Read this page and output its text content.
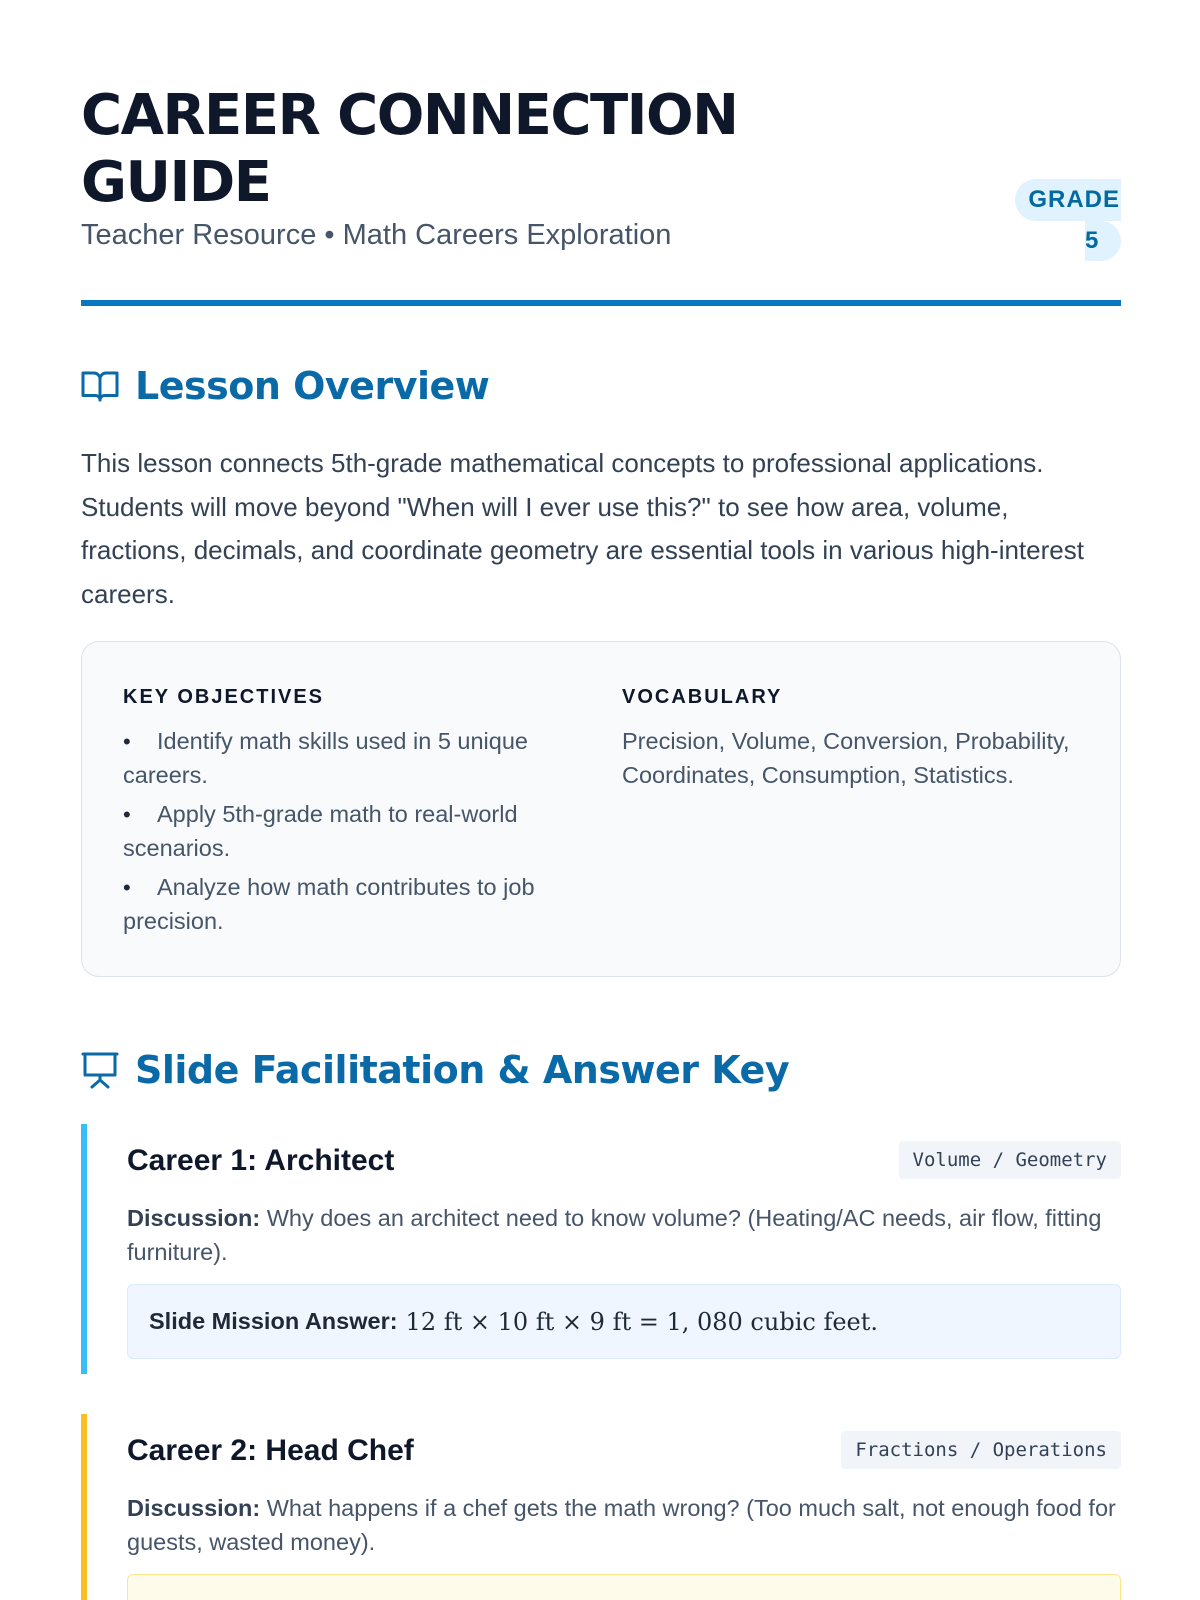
CAREER CONNECTION GUIDE
Teacher Resource • Math Careers Exploration
GRADE
5
Lesson Overview

This lesson connects 5th-grade mathematical concepts to professional applications. Students will move beyond "When will I ever use this?" to see how area, volume, fractions, decimals, and coordinate geometry are essential tools in various high-interest careers.

KEY OBJECTIVES
• Identify math skills used in 5 unique careers.
• Apply 5th-grade math to real-world scenarios.
• Analyze how math contributes to job precision.
VOCABULARY

Precision, Volume, Conversion, Probability, Coordinates, Consumption, Statistics.

Slide Facilitation & Answer Key
Career 1: Architect	Volume / Geometry

Discussion: Why does an architect need to know volume? (Heating/AC needs, air flow, fitting furniture).

Slide Mission Answer: 12 ft × 10 ft × 9 ft = 1, 080 cubic feet.
Career 2: Head Chef	Fractions / Operations

Discussion: What happens if a chef gets the math wrong? (Too much salt, not enough food for guests, wasted money).
